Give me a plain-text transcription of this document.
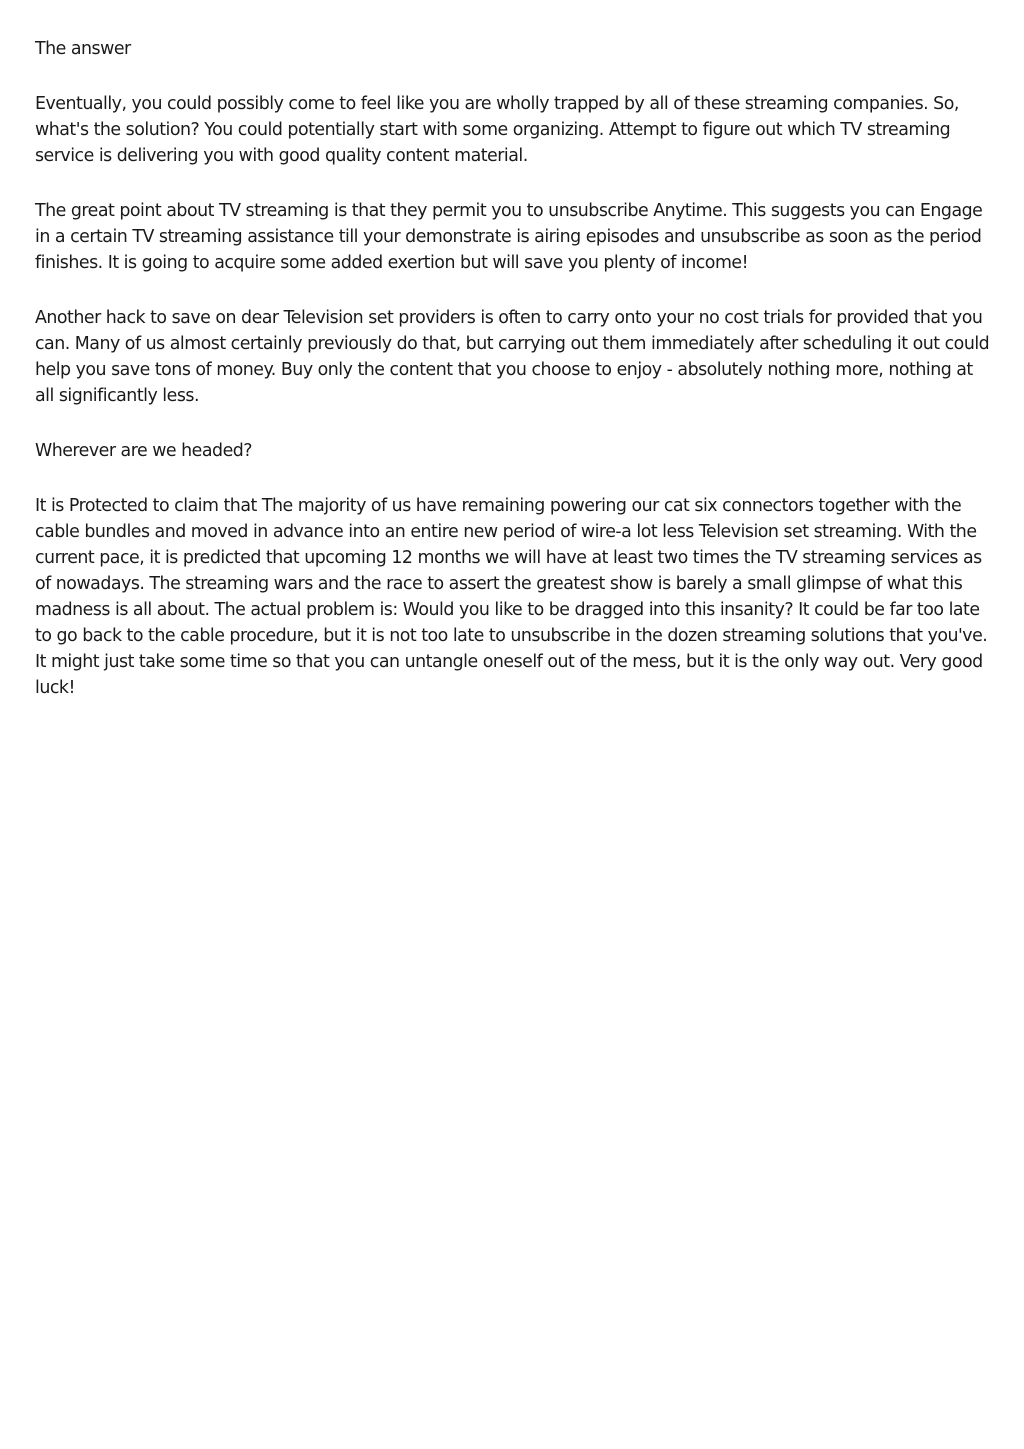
The answer

Eventually, you could possibly come to feel like you are wholly trapped by all of these streaming companies. So, what's the solution? You could potentially start with some organizing. Attempt to figure out which TV streaming service is delivering you with good quality content material.

The great point about TV streaming is that they permit you to unsubscribe Anytime. This suggests you can Engage in a certain TV streaming assistance till your demonstrate is airing episodes and unsubscribe as soon as the period finishes. It is going to acquire some added exertion but will save you plenty of income!

Another hack to save on dear Television set providers is often to carry onto your no cost trials for provided that you can. Many of us almost certainly previously do that, but carrying out them immediately after scheduling it out could help you save tons of money. Buy only the content that you choose to enjoy - absolutely nothing more, nothing at all significantly less.

Wherever are we headed?

It is Protected to claim that The majority of us have remaining powering our cat six connectors together with the cable bundles and moved in advance into an entire new period of wire-a lot less Television set streaming. With the current pace, it is predicted that upcoming 12 months we will have at least two times the TV streaming services as of nowadays. The streaming wars and the race to assert the greatest show is barely a small glimpse of what this madness is all about. The actual problem is: Would you like to be dragged into this insanity? It could be far too late to go back to the cable procedure, but it is not too late to unsubscribe in the dozen streaming solutions that you've. It might just take some time so that you can untangle oneself out of the mess, but it is the only way out. Very good luck!
